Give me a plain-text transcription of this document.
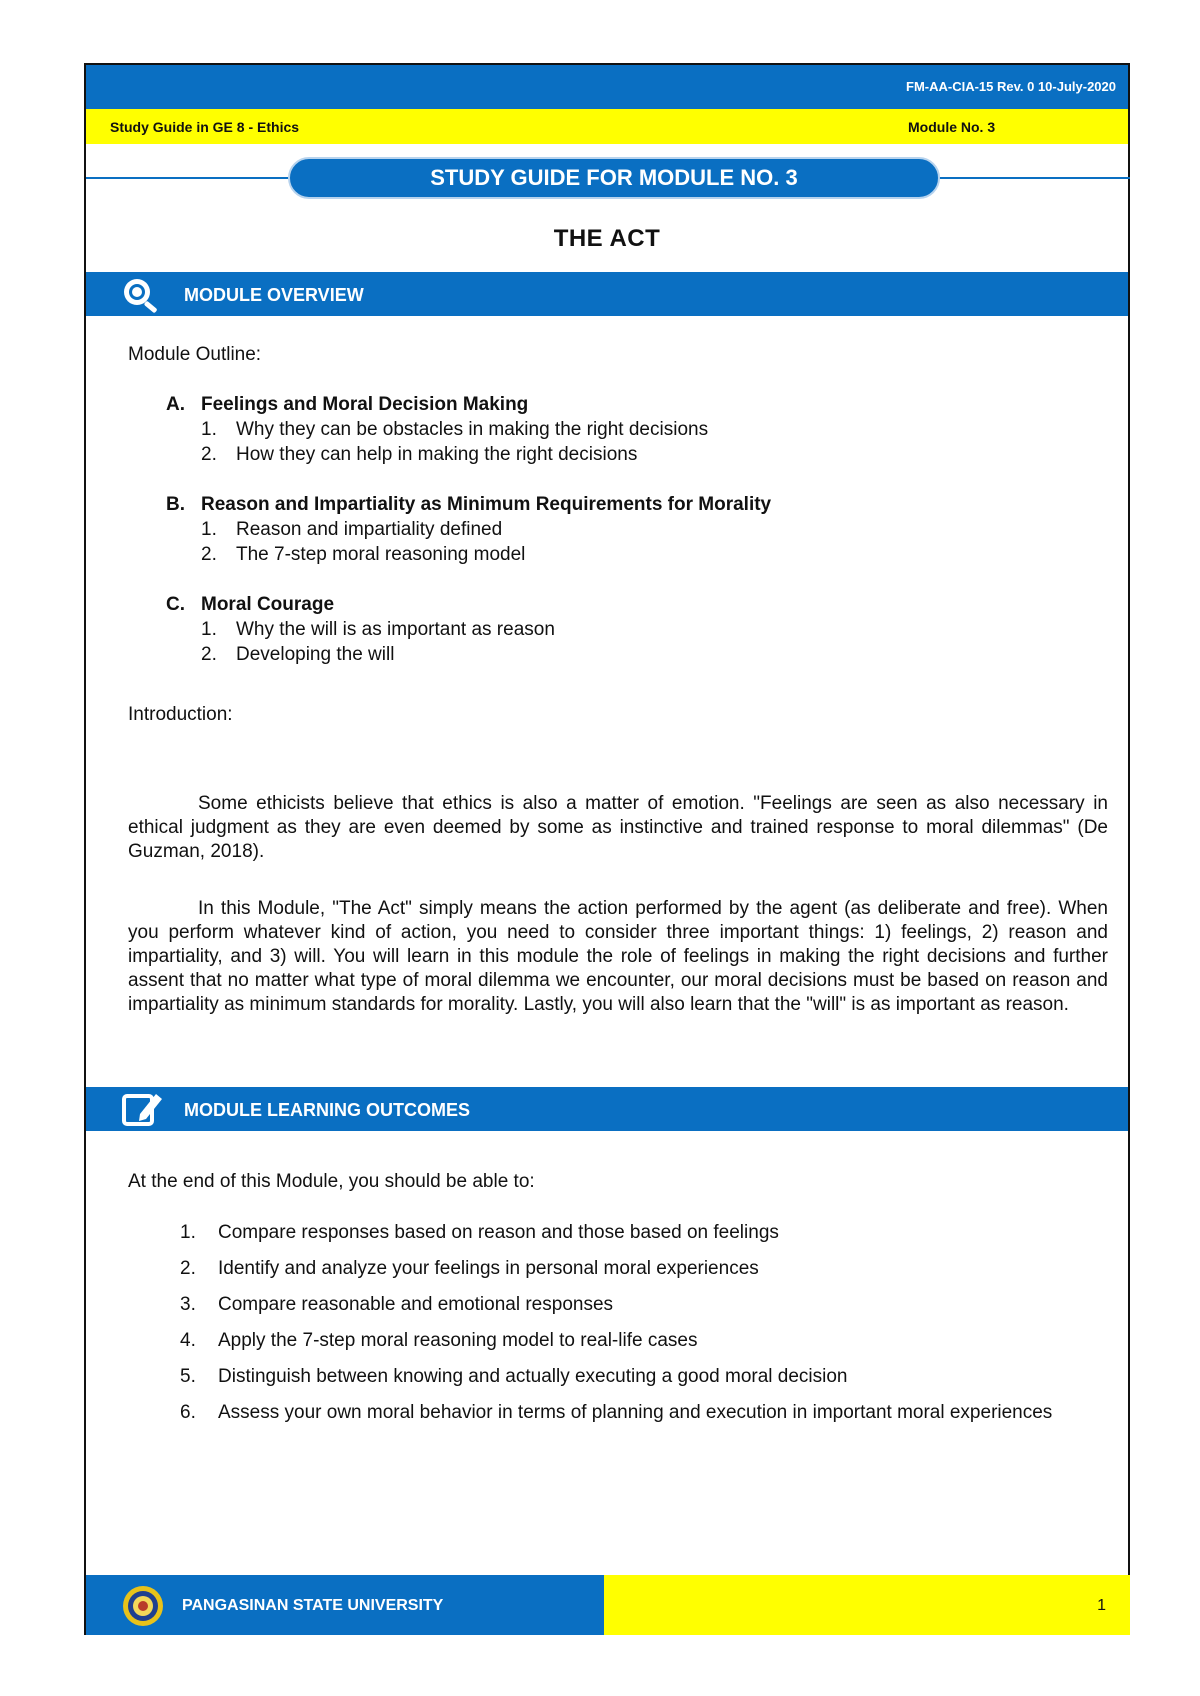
FM-AA-CIA-15 Rev. 0 10-July-2020
Study Guide in GE 8 - Ethics	Module No. 3
STUDY GUIDE FOR MODULE NO. 3
THE ACT
MODULE OVERVIEW
Module Outline:
A. Feelings and Moral Decision Making
1.	Why they can be obstacles in making the right decisions
2.	How they can help in making the right decisions
B. Reason and Impartiality as Minimum Requirements for Morality
1.	Reason and impartiality defined
2.	The 7-step moral reasoning model
C. Moral Courage
1.	Why the will is as important as reason
2.	Developing the will
Introduction:

Some ethicists believe that ethics is also a matter of emotion. "Feelings are seen as also necessary in ethical judgment as they are even deemed by some as instinctive and trained response to moral dilemmas" (De Guzman, 2018).

In this Module, "The Act" simply means the action performed by the agent (as deliberate and free). When you perform whatever kind of action, you need to consider three important things: 1) feelings, 2) reason and impartiality, and 3) will. You will learn in this module the role of feelings in making the right decisions and further assent that no matter what type of moral dilemma we encounter, our moral decisions must be based on reason and impartiality as minimum standards for morality. Lastly, you will also learn that the "will" is as important as reason.

MODULE LEARNING OUTCOMES
At the end of this Module, you should be able to:
1.	Compare responses based on reason and those based on feelings
2.	Identify and analyze your feelings in personal moral experiences
3.	Compare reasonable and emotional responses
4.	Apply the 7-step moral reasoning model to real-life cases
5.	Distinguish between knowing and actually executing a good moral decision
6.	Assess your own moral behavior in terms of planning and execution in important moral experiences
PANGASINAN STATE UNIVERSITY	1
